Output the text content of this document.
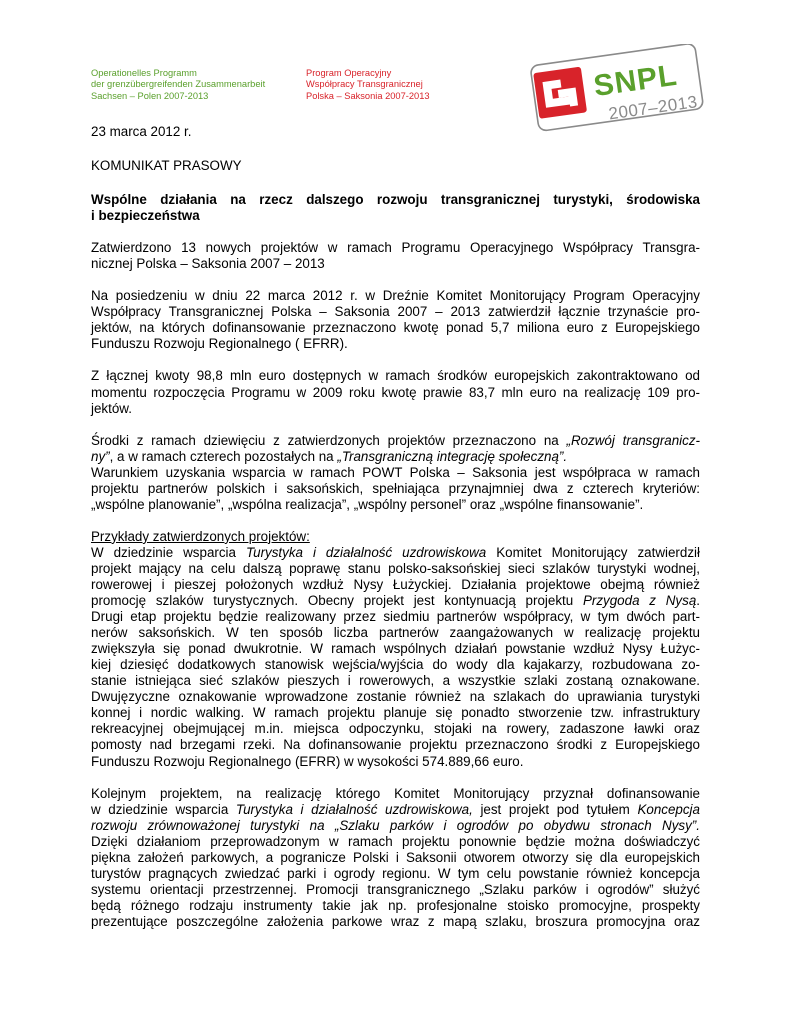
Operationelles Programm
der grenzübergreifenden Zusammenarbeit
Sachsen – Polen 2007-2013
Program Operacyjny
Współpracy Transgranicznej
Polska – Saksonia 2007-2013	SNPL
2007–2013

23 marca 2012 r.

KOMUNIKAT PRASOWY

Wspólne działania na rzecz dalszego rozwoju transgranicznej turystyki, środowiska
i bezpieczeństwa

Zatwierdzono 13 nowych projektów w ramach Programu Operacyjnego Współpracy Transgra-
nicznej Polska – Saksonia 2007 – 2013

Na posiedzeniu w dniu 22 marca 2012 r. w Dreźnie Komitet Monitorujący Program Operacyjny
Współpracy Transgranicznej Polska – Saksonia 2007 – 2013 zatwierdził łącznie trzynaście pro-
jektów, na których dofinansowanie przeznaczono kwotę ponad 5,7 miliona euro z Europejskiego
Funduszu Rozwoju Regionalnego ( EFRR).

Z łącznej kwoty 98,8 mln euro dostępnych w ramach środków europejskich zakontraktowano od
momentu rozpoczęcia Programu w 2009 roku kwotę prawie 83,7 mln euro na realizację 109 pro-
jektów.

Środki z ramach dziewięciu z zatwierdzonych projektów przeznaczono na „Rozwój transgranicz-
ny”, a w ramach czterech pozostałych na „Transgraniczną integrację społeczną”.
Warunkiem uzyskania wsparcia w ramach POWT Polska – Saksonia jest współpraca w ramach
projektu partnerów polskich i saksońskich, spełniająca przynajmniej dwa z czterech kryteriów:
„wspólne planowanie”, „wspólna realizacja”, „wspólny personel” oraz „wspólne finansowanie”.

Przykłady zatwierdzonych projektów:
W dziedzinie wsparcia Turystyka i działalność uzdrowiskowa Komitet Monitorujący zatwierdził
projekt mający na celu dalszą poprawę stanu polsko-saksońskiej sieci szlaków turystyki wodnej,
rowerowej i pieszej położonych wzdłuż Nysy Łużyckiej. Działania projektowe obejmą również
promocję szlaków turystycznych. Obecny projekt jest kontynuacją projektu Przygoda z Nysą.
Drugi etap projektu będzie realizowany przez siedmiu partnerów współpracy, w tym dwóch part-
nerów saksońskich. W ten sposób liczba partnerów zaangażowanych w realizację projektu
zwiększyła się ponad dwukrotnie. W ramach wspólnych działań powstanie wzdłuż Nysy Łużyc-
kiej dziesięć dodatkowych stanowisk wejścia/wyjścia do wody dla kajakarzy, rozbudowana zo-
stanie istniejąca sieć szlaków pieszych i rowerowych, a wszystkie szlaki zostaną oznakowane.
Dwujęzyczne oznakowanie wprowadzone zostanie również na szlakach do uprawiania turystyki
konnej i nordic walking. W ramach projektu planuje się ponadto stworzenie tzw. infrastruktury
rekreacyjnej obejmującej m.in. miejsca odpoczynku, stojaki na rowery, zadaszone ławki oraz
pomosty nad brzegami rzeki. Na dofinansowanie projektu przeznaczono środki z Europejskiego
Funduszu Rozwoju Regionalnego (EFRR) w wysokości 574.889,66 euro.

Kolejnym projektem, na realizację którego Komitet Monitorujący przyznał dofinansowanie
w dziedzinie wsparcia Turystyka i działalność uzdrowiskowa, jest projekt pod tytułem Koncepcja
rozwoju zrównoważonej turystyki na „Szlaku parków i ogrodów po obydwu stronach Nysy”.
Dzięki działaniom przeprowadzonym w ramach projektu ponownie będzie można doświadczyć
piękna założeń parkowych, a pogranicze Polski i Saksonii otworem otworzy się dla europejskich
turystów pragnących zwiedzać parki i ogrody regionu. W tym celu powstanie również koncepcja
systemu orientacji przestrzennej. Promocji transgranicznego „Szlaku parków i ogrodów” służyć
będą różnego rodzaju instrumenty takie jak np. profesjonalne stoisko promocyjne, prospekty
prezentujące poszczególne założenia parkowe wraz z mapą szlaku, broszura promocyjna oraz
